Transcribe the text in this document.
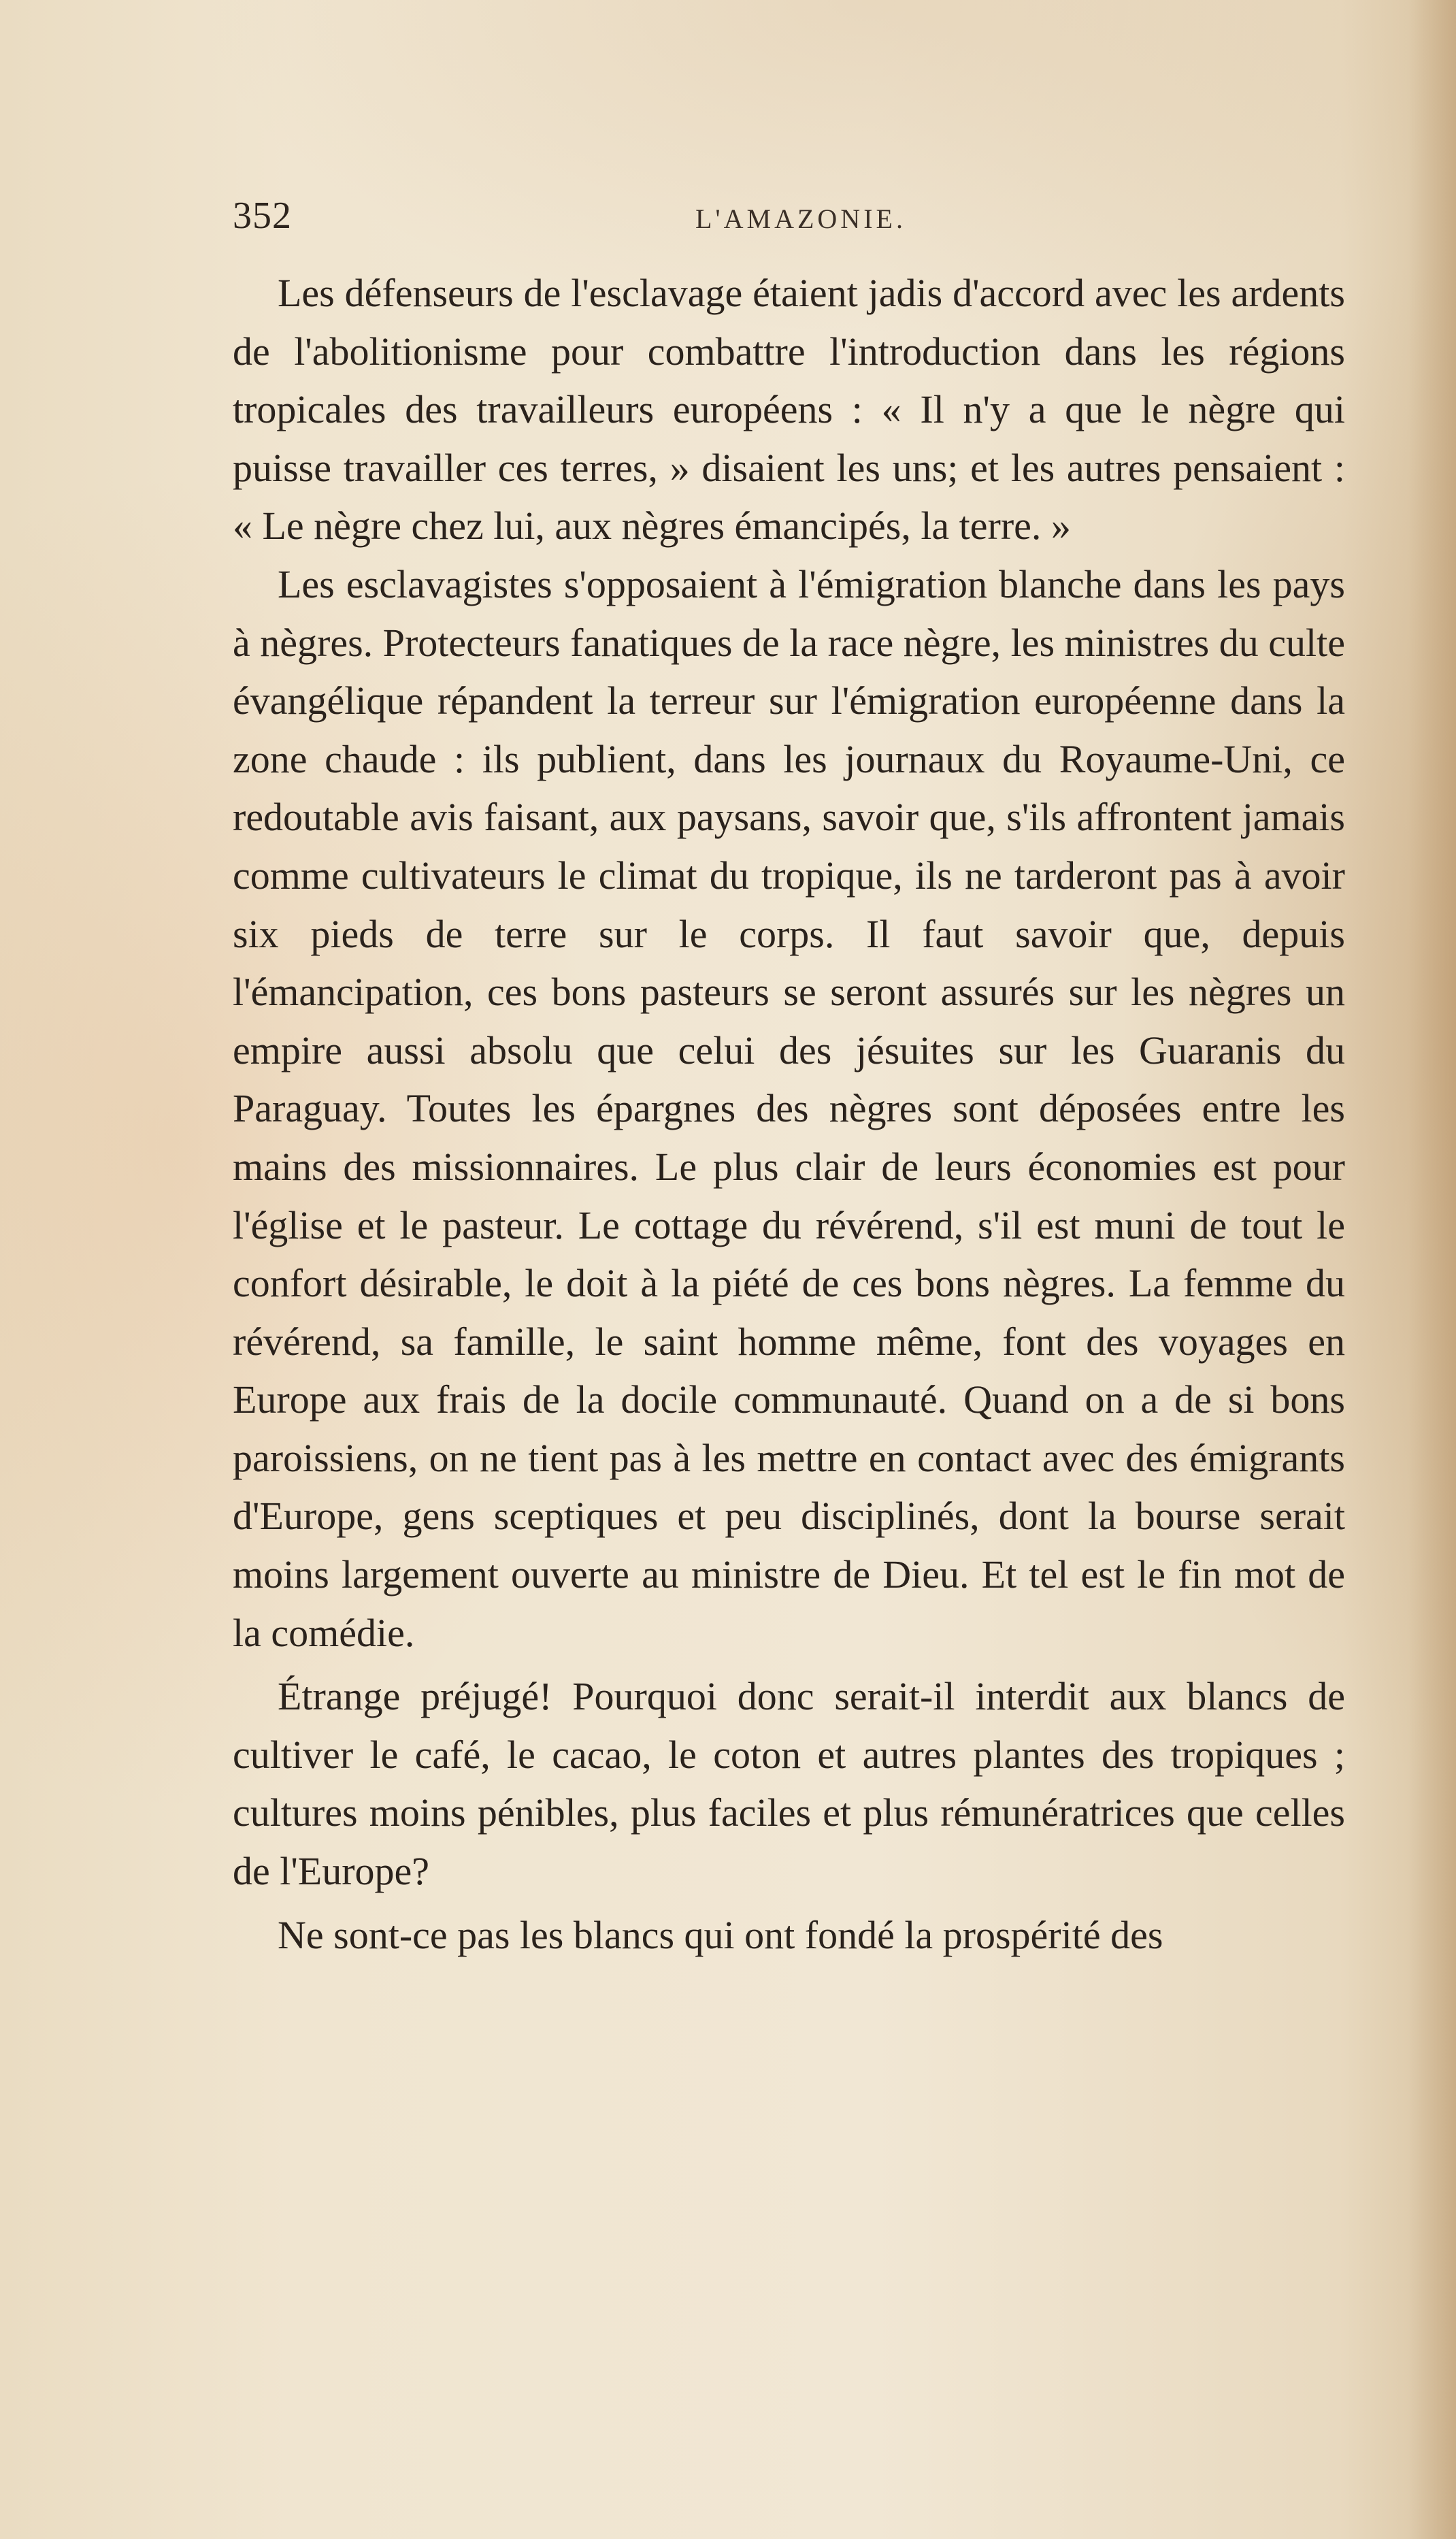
352	L'AMAZONIE.

Les défenseurs de l'esclavage étaient jadis d'accord avec les ardents de l'abolitionisme pour combattre l'introduction dans les régions tropicales des travailleurs européens : « Il n'y a que le nègre qui puisse travailler ces terres, » disaient les uns; et les autres pensaient : « Le nègre chez lui, aux nègres émancipés, la terre. »

Les esclavagistes s'opposaient à l'émigration blanche dans les pays à nègres. Protecteurs fanatiques de la race nègre, les ministres du culte évangélique répandent la terreur sur l'émigration européenne dans la zone chaude : ils publient, dans les journaux du Royaume-Uni, ce redoutable avis faisant, aux paysans, savoir que, s'ils affrontent jamais comme cultivateurs le climat du tropique, ils ne tarderont pas à avoir six pieds de terre sur le corps. Il faut savoir que, depuis l'émancipation, ces bons pasteurs se seront assurés sur les nègres un empire aussi absolu que celui des jésuites sur les Guaranis du Paraguay. Toutes les épargnes des nègres sont déposées entre les mains des missionnaires. Le plus clair de leurs économies est pour l'église et le pasteur. Le cottage du révérend, s'il est muni de tout le confort désirable, le doit à la piété de ces bons nègres. La femme du révérend, sa famille, le saint homme même, font des voyages en Europe aux frais de la docile communauté. Quand on a de si bons paroissiens, on ne tient pas à les mettre en contact avec des émigrants d'Europe, gens sceptiques et peu disciplinés, dont la bourse serait moins largement ouverte au ministre de Dieu. Et tel est le fin mot de la comédie.

Étrange préjugé! Pourquoi donc serait-il interdit aux blancs de cultiver le café, le cacao, le coton et autres plantes des tropiques ; cultures moins pénibles, plus faciles et plus rémunératrices que celles de l'Europe?

Ne sont-ce pas les blancs qui ont fondé la prospérité des
